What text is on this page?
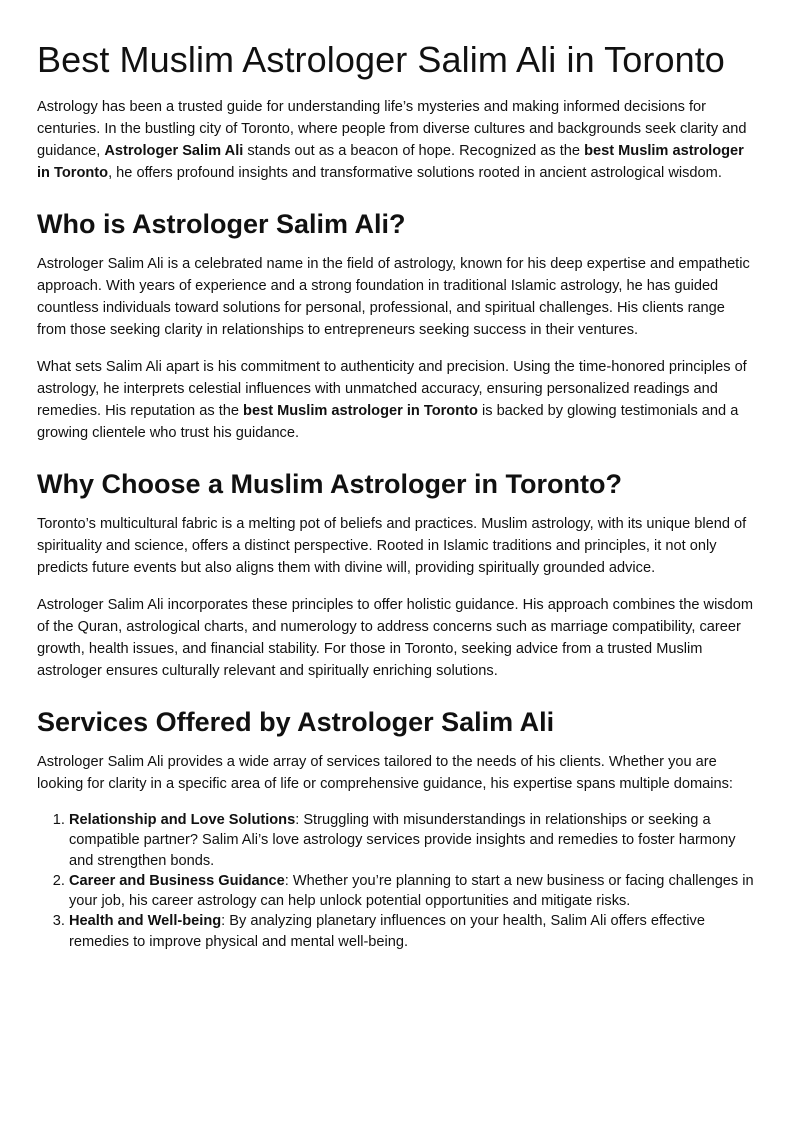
Best Muslim Astrologer Salim Ali in Toronto

Astrology has been a trusted guide for understanding life’s mysteries and making informed decisions for centuries. In the bustling city of Toronto, where people from diverse cultures and backgrounds seek clarity and guidance, Astrologer Salim Ali stands out as a beacon of hope. Recognized as the best Muslim astrologer in Toronto, he offers profound insights and transformative solutions rooted in ancient astrological wisdom.

Who is Astrologer Salim Ali?

Astrologer Salim Ali is a celebrated name in the field of astrology, known for his deep expertise and empathetic approach. With years of experience and a strong foundation in traditional Islamic astrology, he has guided countless individuals toward solutions for personal, professional, and spiritual challenges. His clients range from those seeking clarity in relationships to entrepreneurs seeking success in their ventures.

What sets Salim Ali apart is his commitment to authenticity and precision. Using the time-honored principles of astrology, he interprets celestial influences with unmatched accuracy, ensuring personalized readings and remedies. His reputation as the best Muslim astrologer in Toronto is backed by glowing testimonials and a growing clientele who trust his guidance.

Why Choose a Muslim Astrologer in Toronto?

Toronto’s multicultural fabric is a melting pot of beliefs and practices. Muslim astrology, with its unique blend of spirituality and science, offers a distinct perspective. Rooted in Islamic traditions and principles, it not only predicts future events but also aligns them with divine will, providing spiritually grounded advice.

Astrologer Salim Ali incorporates these principles to offer holistic guidance. His approach combines the wisdom of the Quran, astrological charts, and numerology to address concerns such as marriage compatibility, career growth, health issues, and financial stability. For those in Toronto, seeking advice from a trusted Muslim astrologer ensures culturally relevant and spiritually enriching solutions.

Services Offered by Astrologer Salim Ali

Astrologer Salim Ali provides a wide array of services tailored to the needs of his clients. Whether you are looking for clarity in a specific area of life or comprehensive guidance, his expertise spans multiple domains:

1. Relationship and Love Solutions: Struggling with misunderstandings in relationships or seeking a compatible partner? Salim Ali’s love astrology services provide insights and remedies to foster harmony and strengthen bonds.
2. Career and Business Guidance: Whether you’re planning to start a new business or facing challenges in your job, his career astrology can help unlock potential opportunities and mitigate risks.
3. Health and Well-being: By analyzing planetary influences on your health, Salim Ali offers effective remedies to improve physical and mental well-being.
